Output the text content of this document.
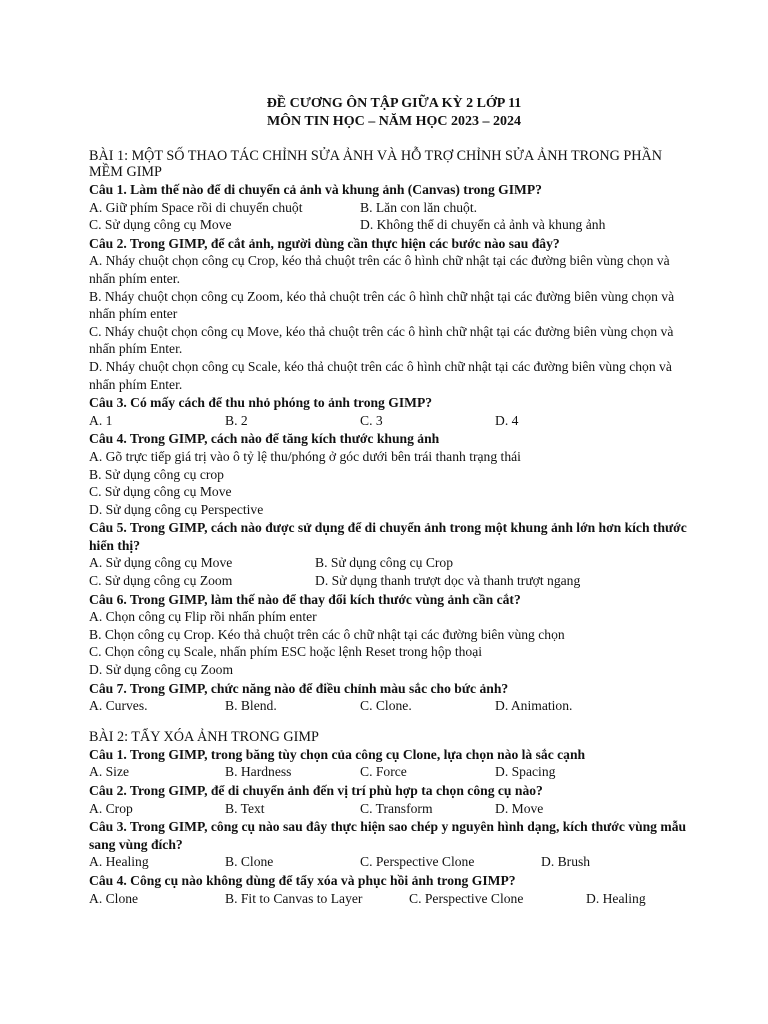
ĐỀ CƯƠNG ÔN TẬP GIỮA KỲ 2 LỚP 11
MÔN TIN HỌC – NĂM HỌC 2023 – 2024
BÀI 1: MỘT SỐ THAO TÁC CHỈNH SỬA ẢNH VÀ HỖ TRỢ CHỈNH SỬA ẢNH TRONG PHẦN MỀM GIMP
Câu 1. Làm thế nào để di chuyển cả ảnh và khung ảnh (Canvas) trong GIMP?
A. Giữ phím Space rồi di chuyển chuột	B. Lăn con lăn chuột.
C. Sử dụng công cụ Move	D. Không thể di chuyển cả ảnh và khung ảnh
Câu 2. Trong GIMP, để cắt ảnh, người dùng cần thực hiện các bước nào sau đây?
A. Nháy chuột chọn công cụ Crop, kéo thả chuột trên các ô hình chữ nhật tại các đường biên vùng chọn và nhấn phím enter.
B. Nháy chuột chọn công cụ Zoom, kéo thả chuột trên các ô hình chữ nhật tại các đường biên vùng chọn và nhấn phím enter
C. Nháy chuột chọn công cụ Move, kéo thả chuột trên các ô hình chữ nhật tại các đường biên vùng chọn và nhấn phím Enter.
D. Nháy chuột chọn công cụ Scale, kéo thả chuột trên các ô hình chữ nhật tại các đường biên vùng chọn và nhấn phím Enter.
Câu 3. Có mấy cách để thu nhỏ phóng to ảnh trong GIMP?
A. 1	B. 2	C. 3	D. 4
Câu 4. Trong GIMP, cách nào để tăng kích thước khung ảnh
A. Gõ trực tiếp giá trị vào ô tỷ lệ thu/phóng ở góc dưới bên trái thanh trạng thái
B. Sử dụng công cụ crop
C. Sử dụng công cụ Move
D. Sử dụng công cụ Perspective
Câu 5. Trong GIMP, cách nào được sử dụng để di chuyển ảnh trong một khung ảnh lớn hơn kích thước hiển thị?
A. Sử dụng công cụ Move	B. Sử dụng công cụ Crop
C. Sử dụng công cụ Zoom	D. Sử dụng thanh trượt dọc và thanh trượt ngang
Câu 6. Trong GIMP, làm thế nào để thay đổi kích thước vùng ảnh cần cắt?
A. Chọn công cụ Flip rồi nhấn phím enter
B. Chọn công cụ Crop. Kéo thả chuột trên các ô chữ nhật tại các đường biên vùng chọn
C. Chọn công cụ Scale, nhấn phím ESC hoặc lệnh Reset trong hộp thoại
D. Sử dụng công cụ Zoom
Câu 7. Trong GIMP, chức năng nào để điều chỉnh màu sắc cho bức ảnh?
A. Curves.	B. Blend.	C. Clone.	D. Animation.
BÀI 2: TẨY XÓA ẢNH TRONG GIMP
Câu 1. Trong GIMP, trong băng tùy chọn của công cụ Clone, lựa chọn nào là sắc cạnh
A. Size	B. Hardness	C. Force	D. Spacing
Câu 2. Trong GIMP, để di chuyển ảnh đến vị trí phù hợp ta chọn công cụ nào?
A. Crop	B. Text	C. Transform	D. Move
Câu 3. Trong GIMP, công cụ nào sau đây thực hiện sao chép y nguyên hình dạng, kích thước vùng mẫu sang vùng đích?
A. Healing	B. Clone	C. Perspective Clone	D. Brush
Câu 4. Công cụ nào không dùng để tẩy xóa và phục hồi ảnh trong GIMP?
A. Clone	B. Fit to Canvas to Layer	C. Perspective Clone	D. Healing
